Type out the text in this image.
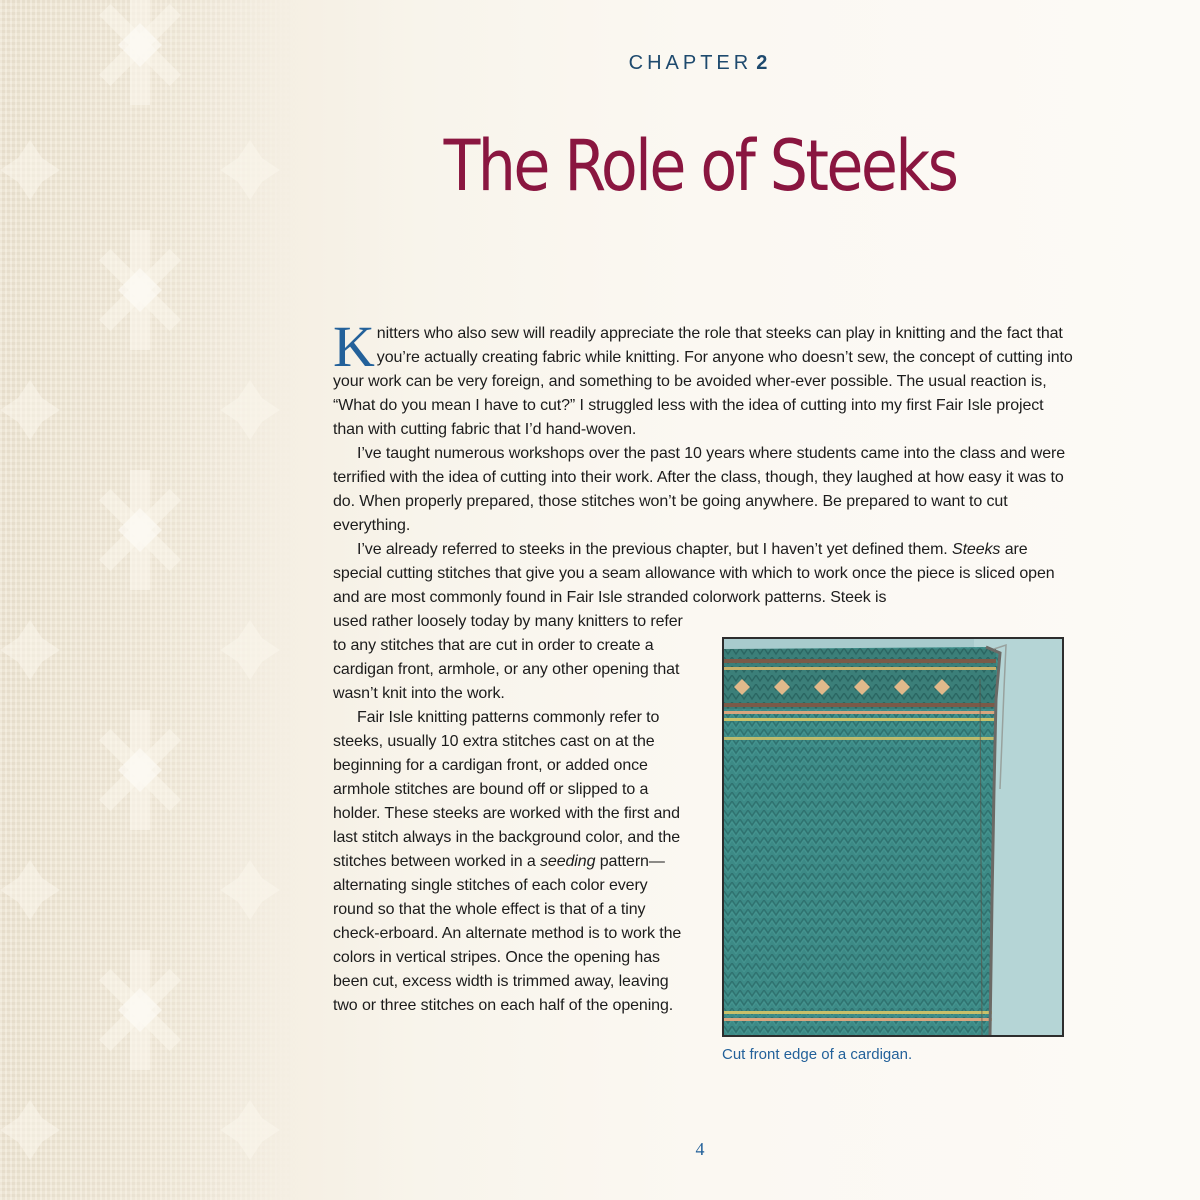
CHAPTER 2
The Role of Steeks

Knitters who also sew will readily appreciate the role that steeks can play in knitting and the fact that you’re actually creating fabric while knitting. For anyone who doesn’t sew, the concept of cutting into your work can be very foreign, and something to be avoided wher-ever possible. The usual reaction is, “What do you mean I have to cut?” I struggled less with the idea of cutting into my first Fair Isle project than with cutting fabric that I’d hand-woven.

I’ve taught numerous workshops over the past 10 years where students came into the class and were terrified with the idea of cutting into their work. After the class, though, they laughed at how easy it was to do. When properly prepared, those stitches won’t be going anywhere. Be prepared to want to cut everything.

I’ve already referred to steeks in the previous chapter, but I haven’t yet defined them. Steeks are special cutting stitches that give you a seam allowance with which to work once the piece is sliced open and are most commonly found in Fair Isle stranded colorwork patterns. Steek is

used rather loosely today by many knitters to refer to any stitches that are cut in order to create a cardigan front, armhole, or any other opening that wasn’t knit into the work.

Fair Isle knitting patterns commonly refer to steeks, usually 10 extra stitches cast on at the beginning for a cardigan front, or added once armhole stitches are bound off or slipped to a holder. These steeks are worked with the first and last stitch always in the background color, and the stitches between worked in a seeding pattern—alternating single stitches of each color every round so that the whole effect is that of a tiny check-erboard. An alternate method is to work the colors in vertical stripes. Once the opening has been cut, excess width is trimmed away, leaving two or three stitches on each half of the opening.

Cut front edge of a cardigan.
4
